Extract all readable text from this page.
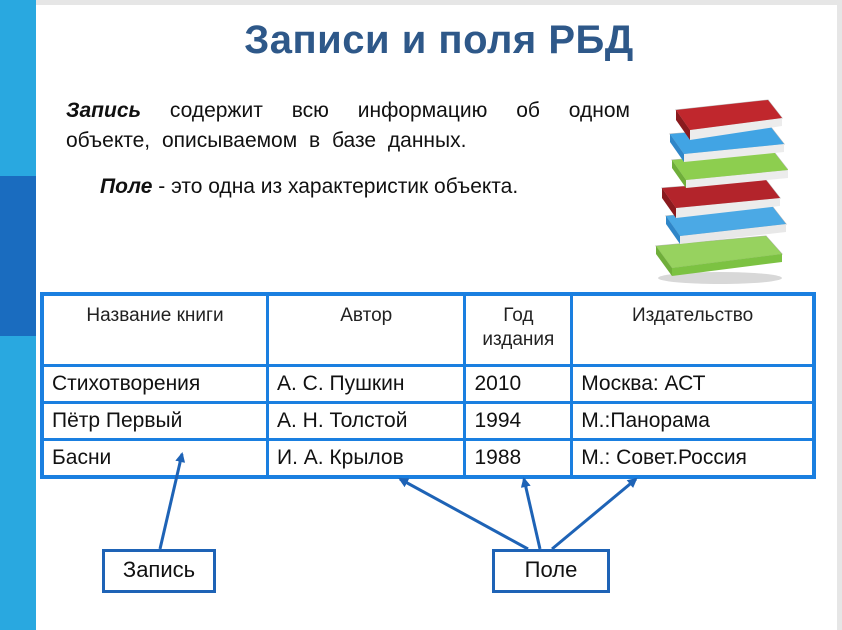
Записи и поля РБД
Запись содержит всю информацию об одном объекте, описываемом в базе данных.
Поле - это одна из характеристик объекта.
Название книги	Автор	Год издания	Издательство
Стихотворения	А. С. Пушкин	2010	Москва: АСТ
Пётр Первый	А. Н. Толстой	1994	М.:Панорама
Басни	И. А. Крылов	1988	М.: Совет.Россия
Запись	Поле
